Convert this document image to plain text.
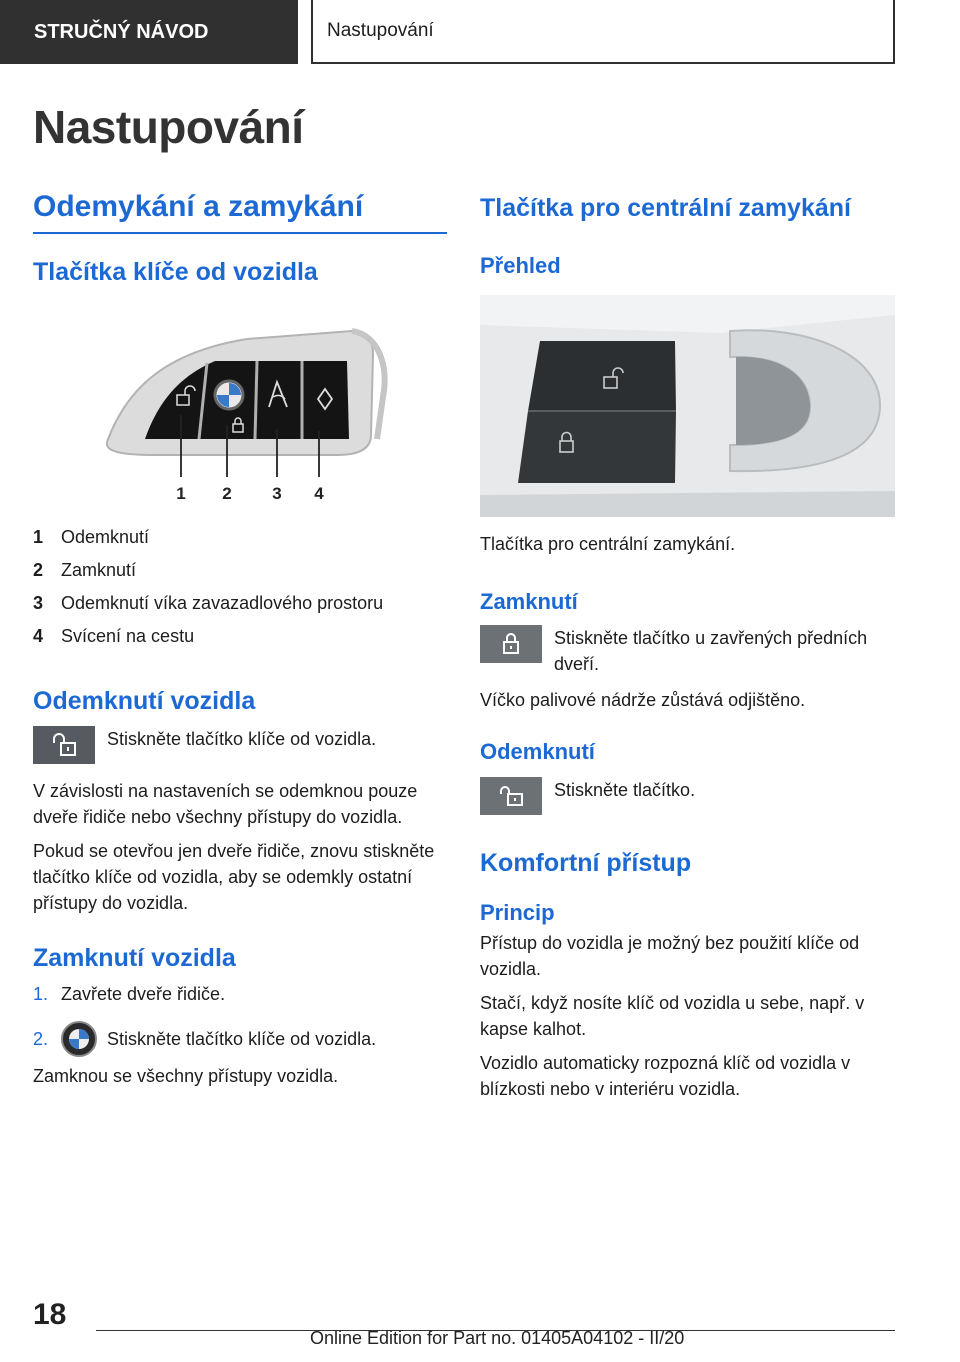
STRUČNÝ NÁVOD	Nastupování
Nastupování
Odemykání a zamykání
Tlačítka klíče od vozidla
1 2 3 4
1 Odemknutí
2 Zamknutí
3 Odemknutí víka zavazadlového prostoru
4 Svícení na cestu
Odemknutí vozidla
Stiskněte tlačítko klíče od vozidla.

V závislosti na nastaveních se odemknou pouze dveře řidiče nebo všechny přístupy do vozidla.

Pokud se otevřou jen dveře řidiče, znovu stiskněte tlačítko klíče od vozidla, aby se odemkly ostatní přístupy do vozidla.

Zamknutí vozidla
1. Zavřete dveře řidiče.
2.	Stiskněte tlačítko klíče od vozidla.

Zamknou se všechny přístupy vozidla.

Tlačítka pro centrální zamykání
Přehled

Tlačítka pro centrální zamykání.

Zamknutí
Stiskněte tlačítko u zavřených předních dveří.

Víčko palivové nádrže zůstává odjištěno.

Odemknutí
Stiskněte tlačítko.
Komfortní přístup
Princip

Přístup do vozidla je možný bez použití klíče od vozidla.

Stačí, když nosíte klíč od vozidla u sebe, např. v kapse kalhot.

Vozidlo automaticky rozpozná klíč od vozidla v blízkosti nebo v interiéru vozidla.

18
Online Edition for Part no. 01405A04102 - II/20
